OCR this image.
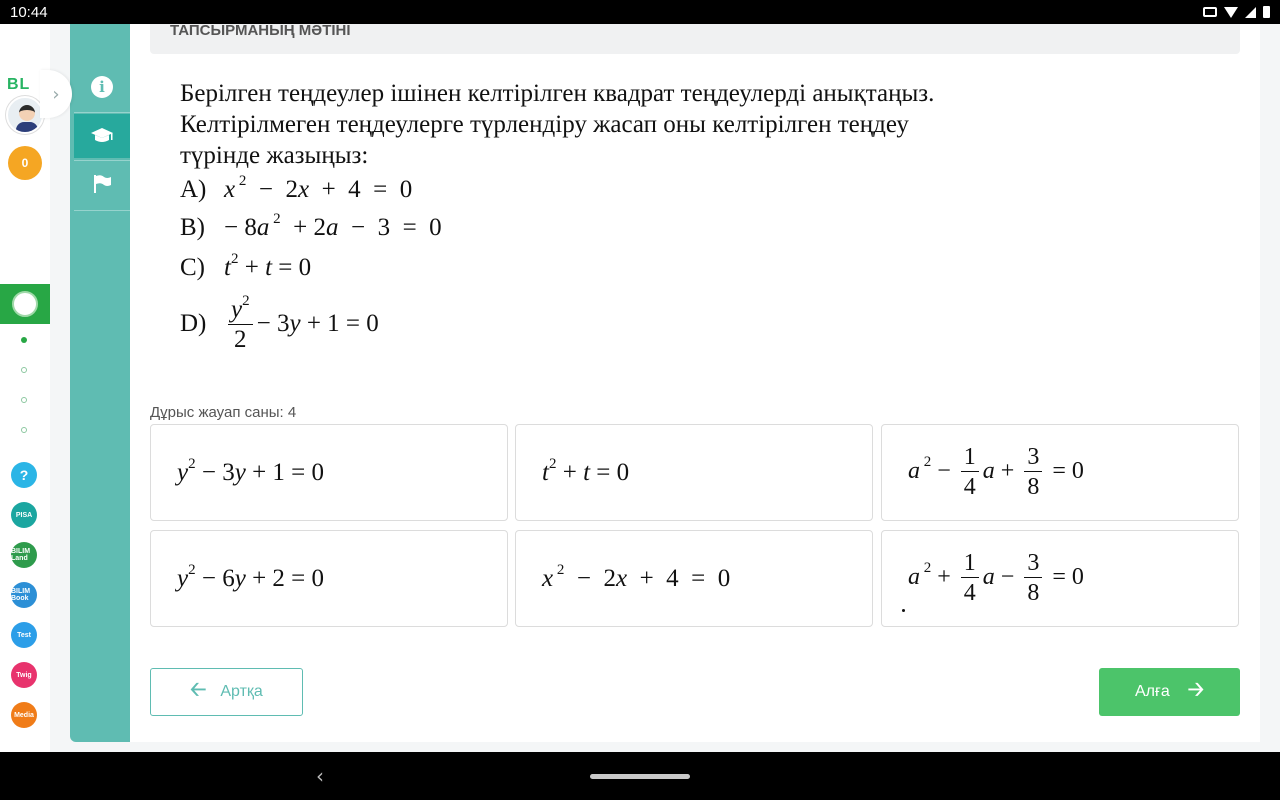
10:44
BL
0
?
PISA
BILIM Land
BILIM Book
Test
Twig
Media
i
›
ТАПСЫРМАНЫҢ МӘТІНІ

Берілген теңдеулер ішінен келтірілген квадрат теңдеулерді анықтаңыз.

Келтірілмеген теңдеулерге түрлендіру жасап оны келтірілген теңдеу

түрінде жазыңыз:

A) x $^2$  −  2x  +  4  =  0
B) − 8a $^2$  + 2a  −  3  =  0
C) $t^2 + t = 0$
$D) \frac{y^2}{2} - 3y + 1 = 0$
Дұрыс жауап саны: 4
$y^2 - 3y + 1 = 0$	$t^2 + t = 0$	a $^2 - \frac{1}{4}$ $a + \frac{3}{8} = 0$
$y^2 - 6y + 2 = 0$	x $^2$  −  2x  +  4  =  0	a $^2 + \frac{1}{4}$ $a - \frac{3}{8} = 0$
🡠 Артқа	Алға 🡢
‹
